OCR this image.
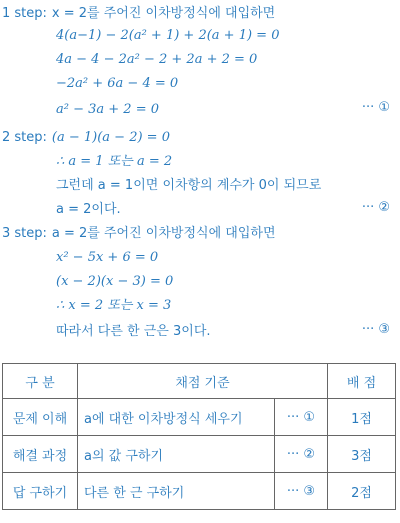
1 step: x = 2를 주어진 이차방정식에 대입하면
4(a−1) − 2(a² + 1) + 2(a + 1) = 0
4a − 4 − 2a² − 2 + 2a + 2 = 0
−2a² + 6a − 4 = 0
a² − 3a + 2 = 0	··· ①
2 step: (a − 1)(a − 2) = 0
∴ a = 1 또는 a = 2
그런데 a = 1이면 이차항의 계수가 0이 되므로
a = 2이다.	··· ②
3 step: a = 2를 주어진 이차방정식에 대입하면
x² − 5x + 6 = 0
(x − 2)(x − 3) = 0
∴ x = 2 또는 x = 3
따라서 다른 한 근은 3이다.	··· ③
구 분	채점 기준		배 점
문제 이해	a에 대한 이차방정식 세우기	··· ①	1점
해결 과정	a의 값 구하기	··· ②	3점
답 구하기	다른 한 근 구하기	··· ③	2점
